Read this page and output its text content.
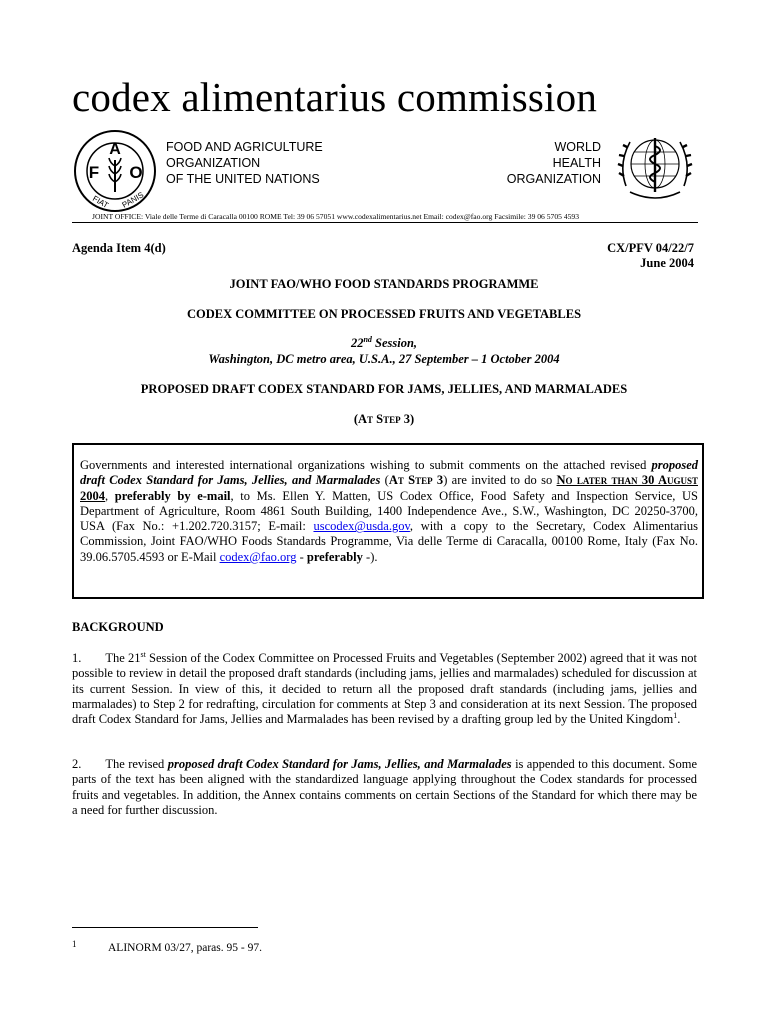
codex alimentarius commission
A
F O
FIAT PANIS
FOOD AND AGRICULTURE
ORGANIZATION
OF THE UNITED NATIONS
WORLD
HEALTH
ORGANIZATION
JOINT OFFICE: Viale delle Terme di Caracalla 00100 ROME Tel: 39 06 57051 www.codexalimentarius.net Email: codex@fao.org Facsimile: 39 06 5705 4593
Agenda Item 4(d)	CX/PFV 04/22/7
June 2004
JOINT FAO/WHO FOOD STANDARDS PROGRAMME
CODEX COMMITTEE ON PROCESSED FRUITS AND VEGETABLES
22nd Session,
Washington, DC metro area, U.S.A., 27 September – 1 October 2004
PROPOSED DRAFT CODEX STANDARD FOR JAMS, JELLIES, AND MARMALADES
(At Step 3)
Governments and interested international organizations wishing to submit comments on the attached revised proposed draft Codex Standard for Jams, Jellies, and Marmalades (At Step 3) are invited to do so No later than 30 August 2004, preferably by e-mail, to Ms. Ellen Y. Matten, US Codex Office, Food Safety and Inspection Service, US Department of Agriculture, Room 4861 South Building, 1400 Independence Ave., S.W., Washington, DC 20250-3700, USA (Fax No.: +1.202.720.3157; E-mail: uscodex@usda.gov, with a copy to the Secretary, Codex Alimentarius Commission, Joint FAO/WHO Foods Standards Programme, Via delle Terme di Caracalla, 00100 Rome, Italy (Fax No. 39.06.5705.4593 or E-Mail codex@fao.org - preferably -).
BACKGROUND
1. The 21st Session of the Codex Committee on Processed Fruits and Vegetables (September 2002) agreed that it was not possible to review in detail the proposed draft standards (including jams, jellies and marmalades) scheduled for discussion at its current Session. In view of this, it decided to return all the proposed draft standards (including jams, jellies and marmalades) to Step 2 for redrafting, circulation for comments at Step 3 and consideration at its next Session. The proposed draft Codex Standard for Jams, Jellies and Marmalades has been revised by a drafting group led by the United Kingdom$^1$.
2. The revised proposed draft Codex Standard for Jams, Jellies, and Marmalades is appended to this document. Some parts of the text has been aligned with the standardized language applying throughout the Codex standards for processed fruits and vegetables. In addition, the Annex contains comments on certain Sections of the Standard for which there may be a need for further discussion.
1	ALINORM 03/27, paras. 95 - 97.
